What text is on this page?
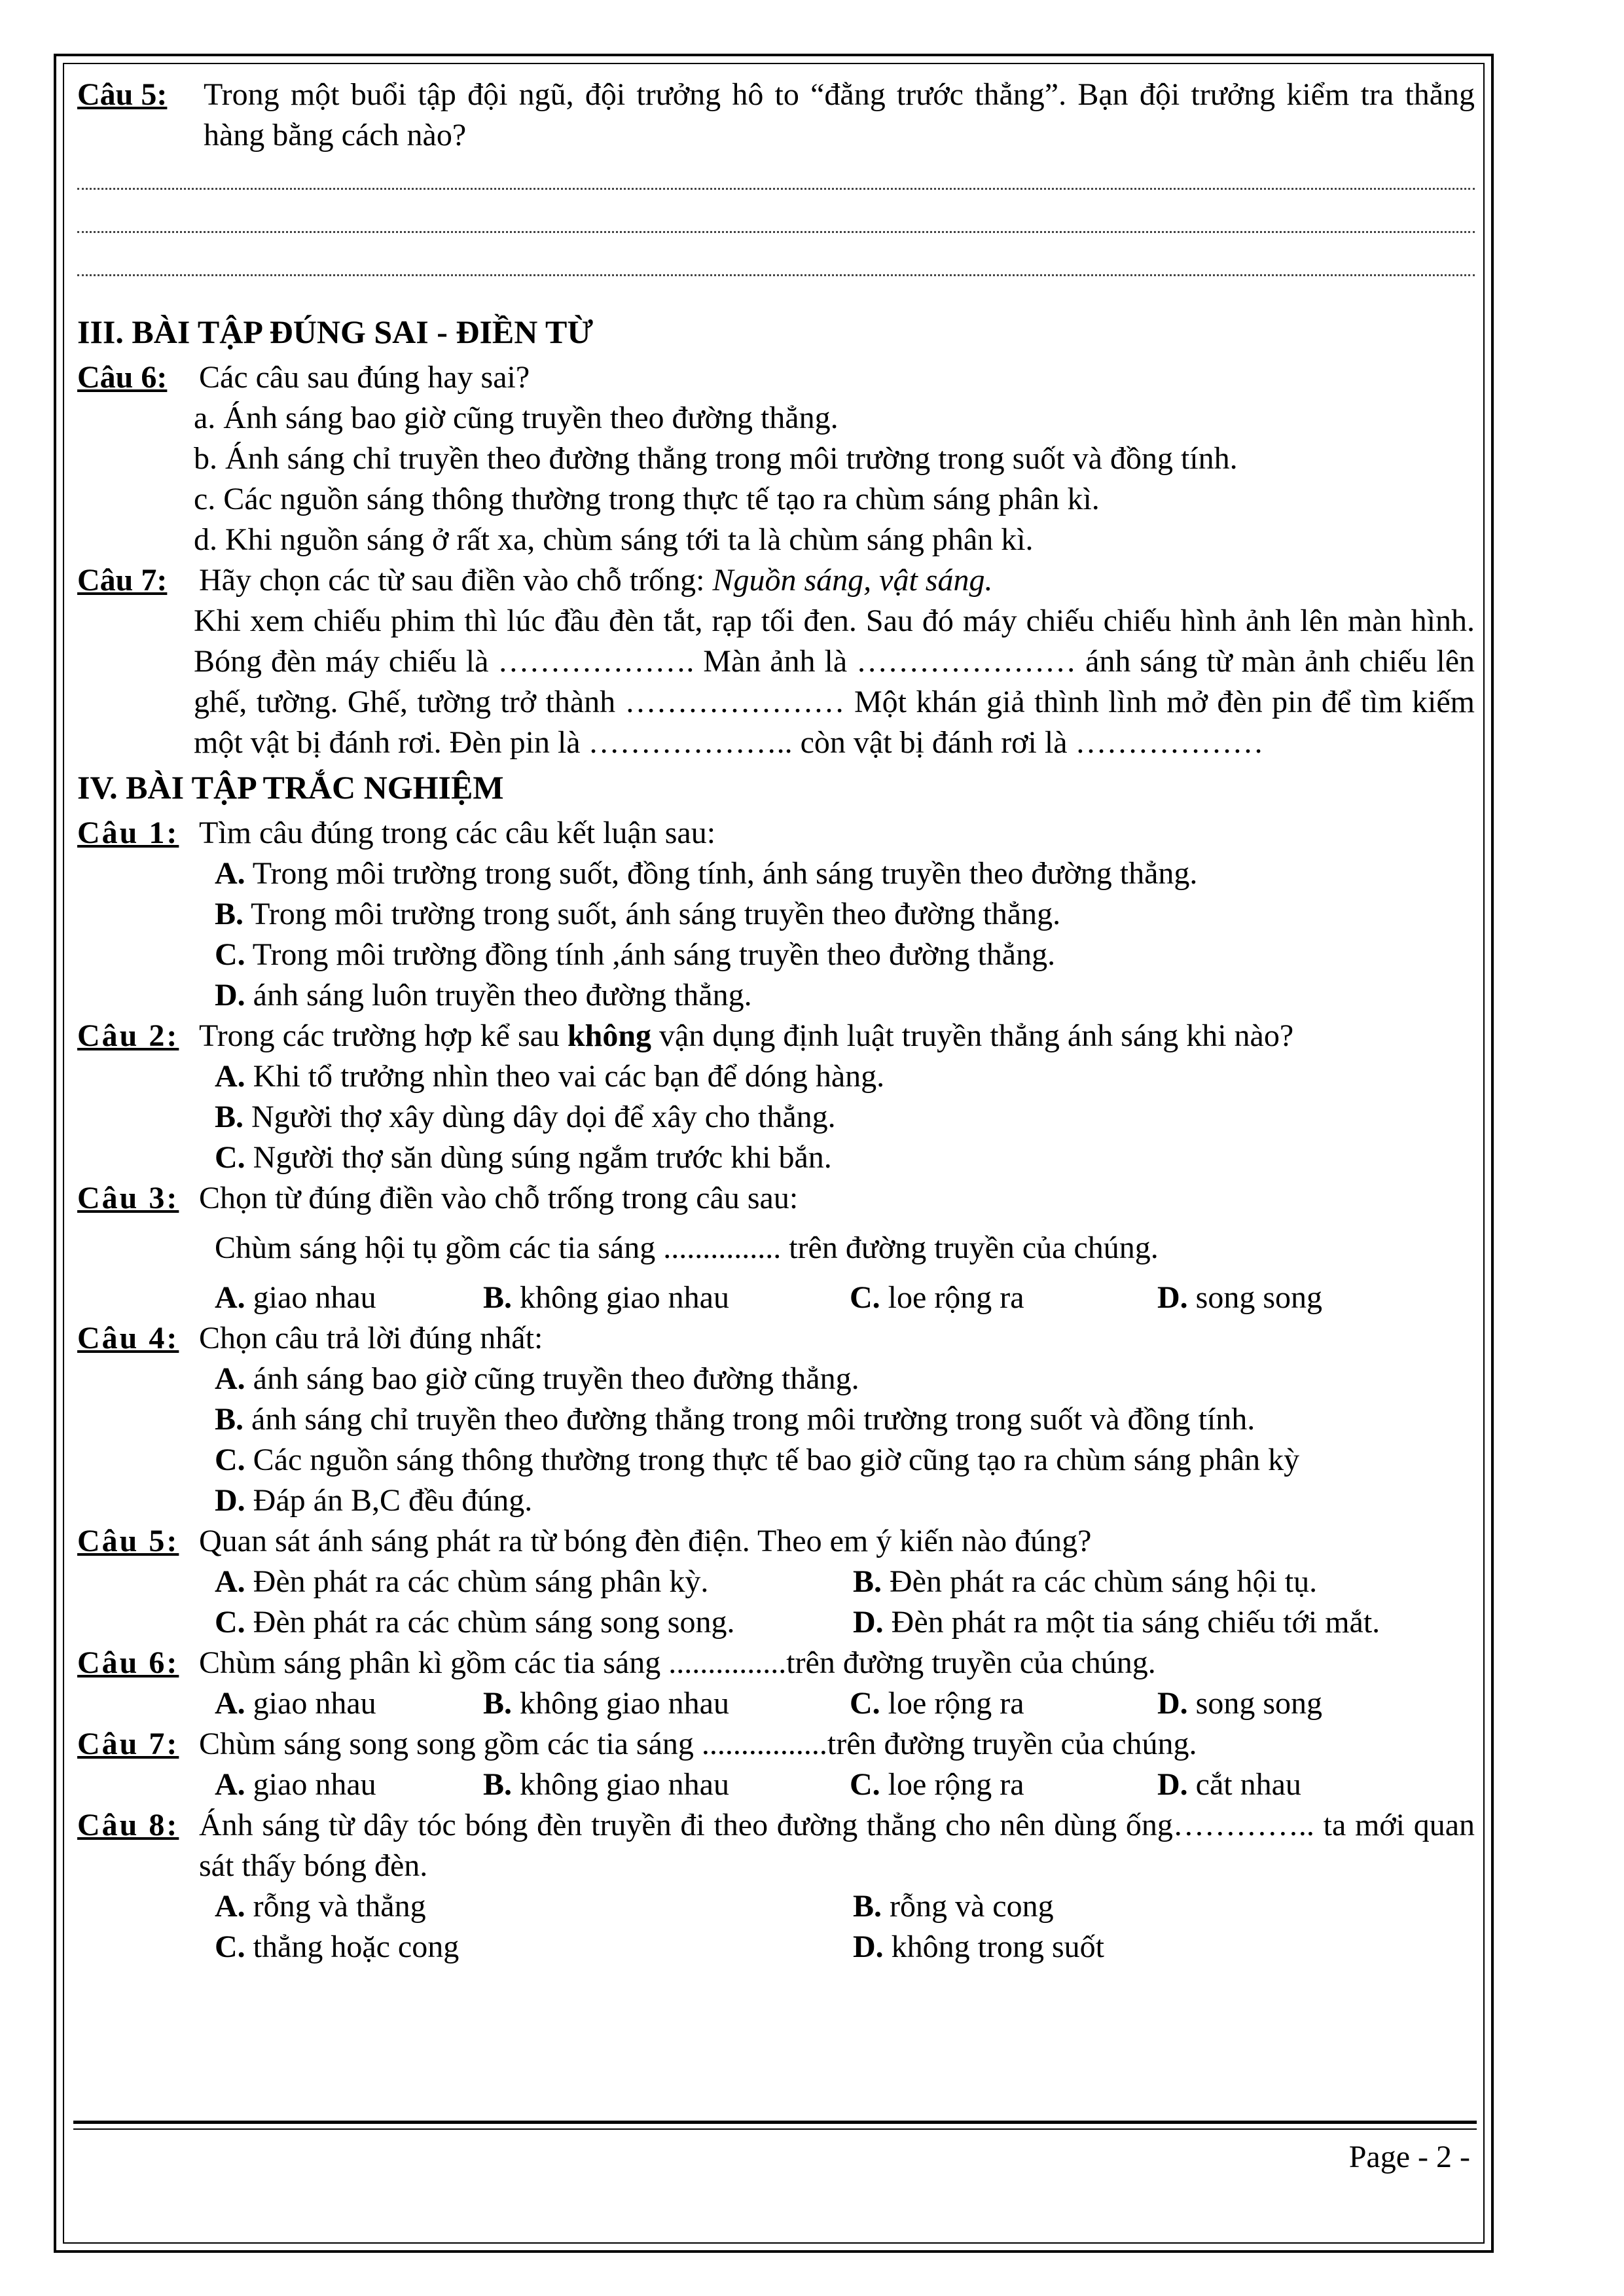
Câu 5: Trong một buổi tập đội ngũ, đội trưởng hô to “đằng trước thẳng”. Bạn đội trưởng kiểm tra thẳng hàng bằng cách nào?
III. BÀI TẬP ĐÚNG SAI - ĐIỀN TỪ
Câu 6: Các câu sau đúng hay sai?
a. Ánh sáng bao giờ cũng truyền theo đường thẳng.
b. Ánh sáng chỉ truyền theo đường thẳng trong môi trường trong suốt và đồng tính.
c. Các nguồn sáng thông thường trong thực tế tạo ra chùm sáng phân kì.
d. Khi nguồn sáng ở rất xa, chùm sáng tới ta là chùm sáng phân kì.
Câu 7: Hãy chọn các từ sau điền vào chỗ trống: Nguồn sáng, vật sáng.
Khi xem chiếu phim thì lúc đầu đèn tắt, rạp tối đen. Sau đó máy chiếu chiếu hình ảnh lên màn hình. Bóng đèn máy chiếu là ………………. Màn ảnh là ………………… ánh sáng từ màn ảnh chiếu lên ghế, tường. Ghế, tường trở thành ………………… Một khán giả thình lình mở đèn pin để tìm kiếm một vật bị đánh rơi. Đèn pin là ……………….. còn vật bị đánh rơi là ………………
IV. BÀI TẬP TRẮC NGHIỆM
Câu 1: Tìm câu đúng trong các câu kết luận sau:
A. Trong môi trường trong suốt, đồng tính, ánh sáng truyền theo đường thẳng.
B. Trong môi trường trong suốt, ánh sáng truyền theo đường thẳng.
C. Trong môi trường đồng tính ,ánh sáng truyền theo đường thẳng.
D. ánh sáng luôn truyền theo đường thẳng.
Câu 2: Trong các trường hợp kể sau không vận dụng định luật truyền thẳng ánh sáng khi nào?
A. Khi tổ trưởng nhìn theo vai các bạn để dóng hàng.
B. Người thợ xây dùng dây dọi để xây cho thẳng.
C. Người thợ săn dùng súng ngắm trước khi bắn.
Câu 3: Chọn từ đúng điền vào chỗ trống trong câu sau:
Chùm sáng hội tụ gồm các tia sáng ............... trên đường truyền của chúng.
A. giao nhau	B. không giao nhau	C. loe rộng ra	D. song song
Câu 4: Chọn câu trả lời đúng nhất:
A. ánh sáng bao giờ cũng truyền theo đường thẳng.
B. ánh sáng chỉ truyền theo đường thẳng trong môi trường trong suốt và đồng tính.
C. Các nguồn sáng thông thường trong thực tế bao giờ cũng tạo ra chùm sáng phân kỳ
D. Đáp án B,C đều đúng.
Câu 5: Quan sát ánh sáng phát ra từ bóng đèn điện. Theo em ý kiến nào đúng?
A. Đèn phát ra các chùm sáng phân kỳ.	B. Đèn phát ra các chùm sáng hội tụ.
C. Đèn phát ra các chùm sáng song song.	D. Đèn phát ra một tia sáng chiếu tới mắt.
Câu 6: Chùm sáng phân kì gồm các tia sáng ...............trên đường truyền của chúng.
A. giao nhau	B. không giao nhau	C. loe rộng ra	D. song song
Câu 7: Chùm sáng song song gồm các tia sáng ................trên đường truyền của chúng.
A. giao nhau	B. không giao nhau	C. loe rộng ra	D. cắt nhau
Câu 8: Ánh sáng từ dây tóc bóng đèn truyền đi theo đường thẳng cho nên dùng ống………….. ta mới quan sát thấy bóng đèn.
A. rỗng và thẳng	B. rỗng và cong
C. thẳng hoặc cong	D. không trong suốt
Page - 2 -
